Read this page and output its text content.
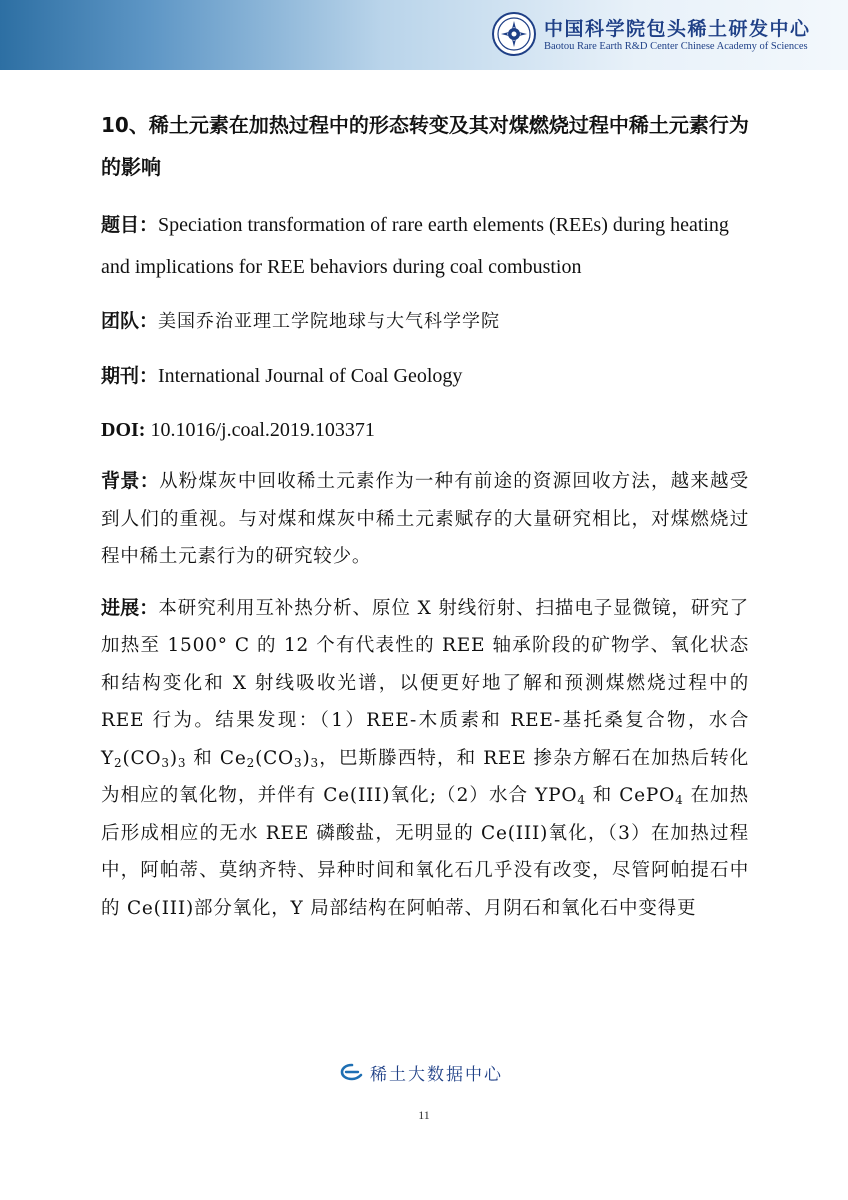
中国科学院包头稀土研发中心
Baotou Rare Earth R&D Center Chinese Academy of Sciences
10、稀土元素在加热过程中的形态转变及其对煤燃烧过程中稀土元素行为的影响
题目：Speciation transformation of rare earth elements (REEs) during heating and implications for REE behaviors during coal combustion
团队：美国乔治亚理工学院地球与大气科学学院
期刊：International Journal of Coal Geology
DOI: 10.1016/j.coal.2019.103371
背景：从粉煤灰中回收稀土元素作为一种有前途的资源回收方法，越来越受到人们的重视。与对煤和煤灰中稀土元素赋存的大量研究相比，对煤燃烧过程中稀土元素行为的研究较少。
进展：本研究利用互补热分析、原位 X 射线衍射、扫描电子显微镜，研究了加热至 1500° C 的 12 个有代表性的 REE 轴承阶段的矿物学、氧化状态和结构变化和 X 射线吸收光谱，以便更好地了解和预测煤燃烧过程中的 REE 行为。结果发现：（1）REE-木质素和 REE-基托桑复合物，水合 $Y_2(CO_3)_3$ 和 $Ce_2(CO_3)_3$，巴斯滕西特，和 REE 掺杂方解石在加热后转化为相应的氧化物，并伴有 Ce(III)氧化;（2）水合 $YPO_4$ 和 CePO$_4$ 在加热后形成相应的无水 REE 磷酸盐，无明显的 Ce(III)氧化，（3）在加热过程中，阿帕蒂、莫纳齐特、异种时间和氧化石几乎没有改变，尽管阿帕提石中的 Ce(III)部分氧化，Y 局部结构在阿帕蒂、月阴石和氧化石中变得更
稀土大数据中心
11
